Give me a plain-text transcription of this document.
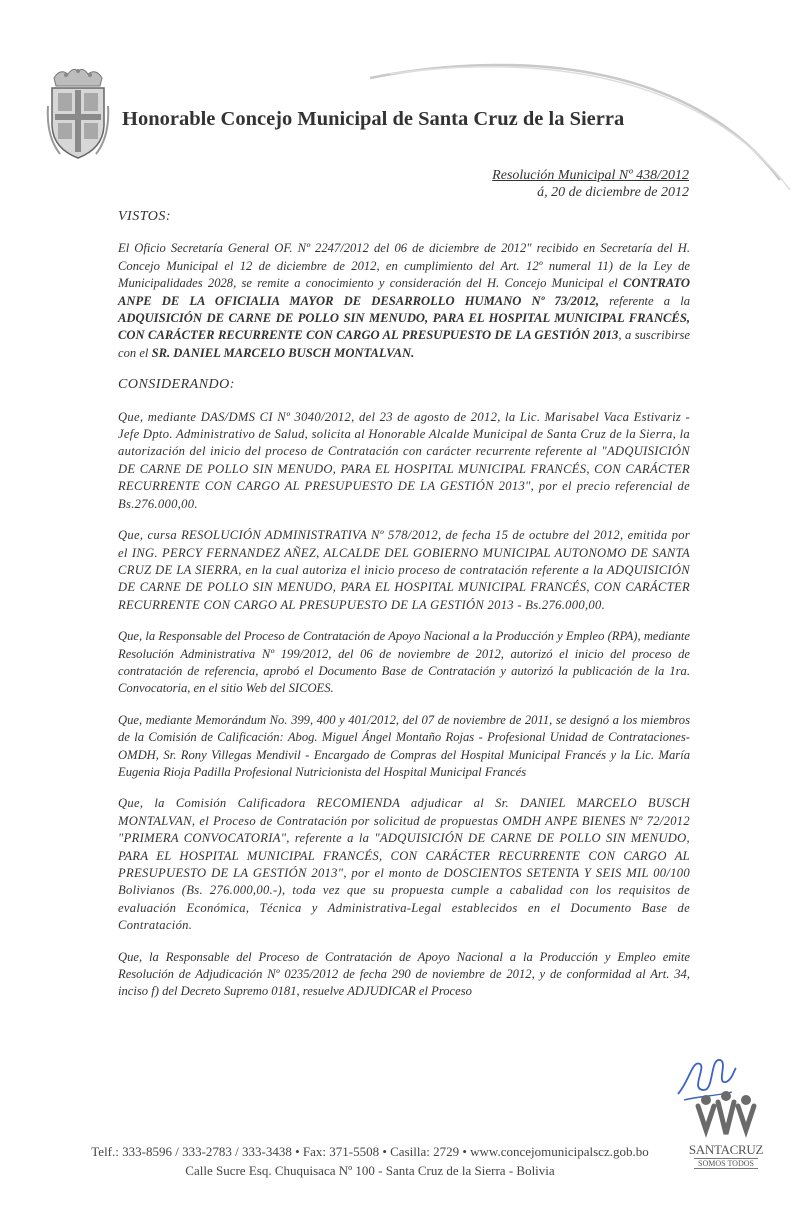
Honorable Concejo Municipal de Santa Cruz de la Sierra
Resolución Municipal Nº 438/2012
á, 20 de diciembre de 2012

VISTOS:

El Oficio Secretaría General OF. Nº 2247/2012 del 06 de diciembre de 2012" recibido en Secretaría del H. Concejo Municipal el 12 de diciembre de 2012, en cumplimiento del Art. 12º numeral 11) de la Ley de Municipalidades 2028, se remite a conocimiento y consideración del H. Concejo Municipal el CONTRATO ANPE DE LA OFICIALIA MAYOR DE DESARROLLO HUMANO Nº 73/2012, referente a la ADQUISICIÓN DE CARNE DE POLLO SIN MENUDO, PARA EL HOSPITAL MUNICIPAL FRANCÉS, CON CARÁCTER RECURRENTE CON CARGO AL PRESUPUESTO DE LA GESTIÓN 2013, a suscribirse con el SR. DANIEL MARCELO BUSCH MONTALVAN.

CONSIDERANDO:

Que, mediante DAS/DMS CI Nº 3040/2012, del 23 de agosto de 2012, la Lic. Marisabel Vaca Estivariz - Jefe Dpto. Administrativo de Salud, solicita al Honorable Alcalde Municipal de Santa Cruz de la Sierra, la autorización del inicio del proceso de Contratación con carácter recurrente referente al "ADQUISICIÓN DE CARNE DE POLLO SIN MENUDO, PARA EL HOSPITAL MUNICIPAL FRANCÉS, CON CARÁCTER RECURRENTE CON CARGO AL PRESUPUESTO DE LA GESTIÓN 2013", por el precio referencial de Bs.276.000,00.

Que, cursa RESOLUCIÓN ADMINISTRATIVA Nº 578/2012, de fecha 15 de octubre del 2012, emitida por el ING. PERCY FERNANDEZ AÑEZ, ALCALDE DEL GOBIERNO MUNICIPAL AUTONOMO DE SANTA CRUZ DE LA SIERRA, en la cual autoriza el inicio proceso de contratación referente a la ADQUISICIÓN DE CARNE DE POLLO SIN MENUDO, PARA EL HOSPITAL MUNICIPAL FRANCÉS, CON CARÁCTER RECURRENTE CON CARGO AL PRESUPUESTO DE LA GESTIÓN 2013 - Bs.276.000,00.

Que, la Responsable del Proceso de Contratación de Apoyo Nacional a la Producción y Empleo (RPA), mediante Resolución Administrativa Nº 199/2012, del 06 de noviembre de 2012, autorizó el inicio del proceso de contratación de referencia, aprobó el Documento Base de Contratación y autorizó la publicación de la 1ra. Convocatoria, en el sitio Web del SICOES.

Que, mediante Memorándum No. 399, 400 y 401/2012, del 07 de noviembre de 2011, se designó a los miembros de la Comisión de Calificación: Abog. Miguel Ángel Montaño Rojas - Profesional Unidad de Contrataciones-OMDH, Sr. Rony Villegas Mendivil - Encargado de Compras del Hospital Municipal Francés y la Lic. María Eugenia Rioja Padilla Profesional Nutricionista del Hospital Municipal Francés

Que, la Comisión Calificadora RECOMIENDA adjudicar al Sr. DANIEL MARCELO BUSCH MONTALVAN, el Proceso de Contratación por solicitud de propuestas OMDH ANPE BIENES Nº 72/2012 "PRIMERA CONVOCATORIA", referente a la "ADQUISICIÓN DE CARNE DE POLLO SIN MENUDO, PARA EL HOSPITAL MUNICIPAL FRANCÉS, CON CARÁCTER RECURRENTE CON CARGO AL PRESUPUESTO DE LA GESTIÓN 2013", por el monto de DOSCIENTOS SETENTA Y SEIS MIL 00/100 Bolivianos (Bs. 276.000,00.-), toda vez que su propuesta cumple a cabalidad con los requisitos de evaluación Económica, Técnica y Administrativa-Legal establecidos en el Documento Base de Contratación.

Que, la Responsable del Proceso de Contratación de Apoyo Nacional a la Producción y Empleo emite Resolución de Adjudicación Nº 0235/2012 de fecha 290 de noviembre de 2012, y de conformidad al Art. 34, inciso f) del Decreto Supremo 0181, resuelve ADJUDICAR el Proceso

SANTACRUZ
SOMOS TODOS
Telf.: 333-8596 / 333-2783 / 333-3438 • Fax: 371-5508 • Casilla: 2729 • www.concejomunicipalscz.gob.bo
Calle Sucre Esq. Chuquisaca Nº 100 - Santa Cruz de la Sierra - Bolivia
